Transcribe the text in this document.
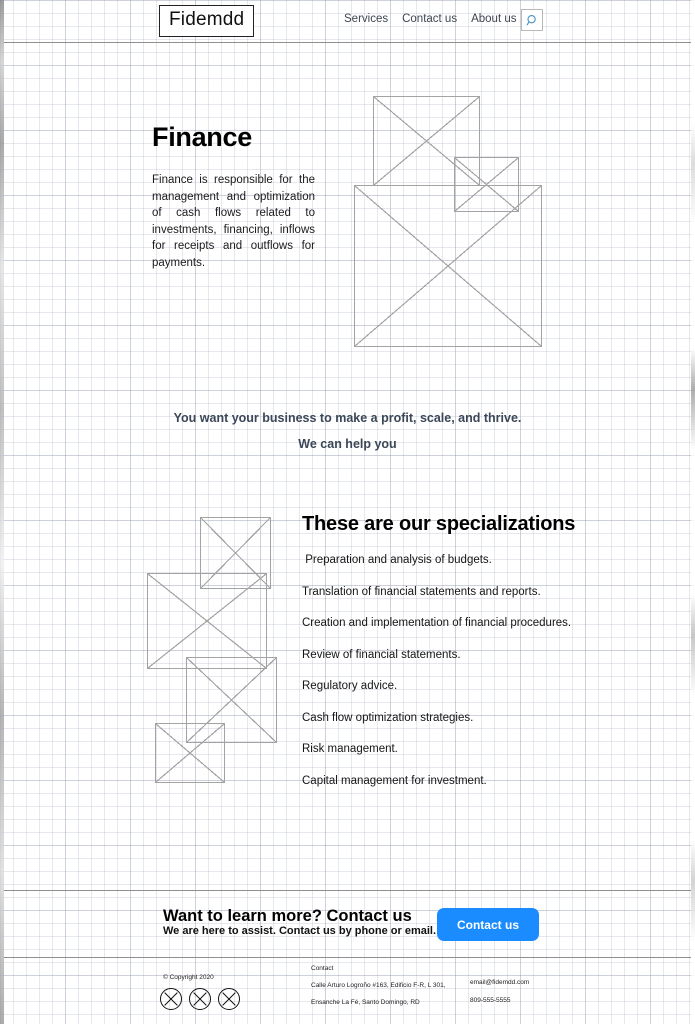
Fidemdd	Services Contact us About us
Finance
Finance is responsible for the management and optimization of cash flows related to investments, financing, inflows for receipts and outflows for payments.
You want your business to make a profit, scale, and thrive.
We can help you
These are our specializations
Preparation and analysis of budgets.
Translation of financial statements and reports.
Creation and implementation of financial procedures.
Review of financial statements.
Regulatory advice.
Cash flow optimization strategies.
Risk management.
Capital management for investment.
Want to learn more? Contact us
We are here to assist. Contact us by phone or email.	Contact us
© Copyright 2020
Contact
Calle Arturo Logroño #163, Edificio F-R, L 301,
Ensanche La Fé, Santo Domingo, RD
email@fidemdd.com
809-555-5555
